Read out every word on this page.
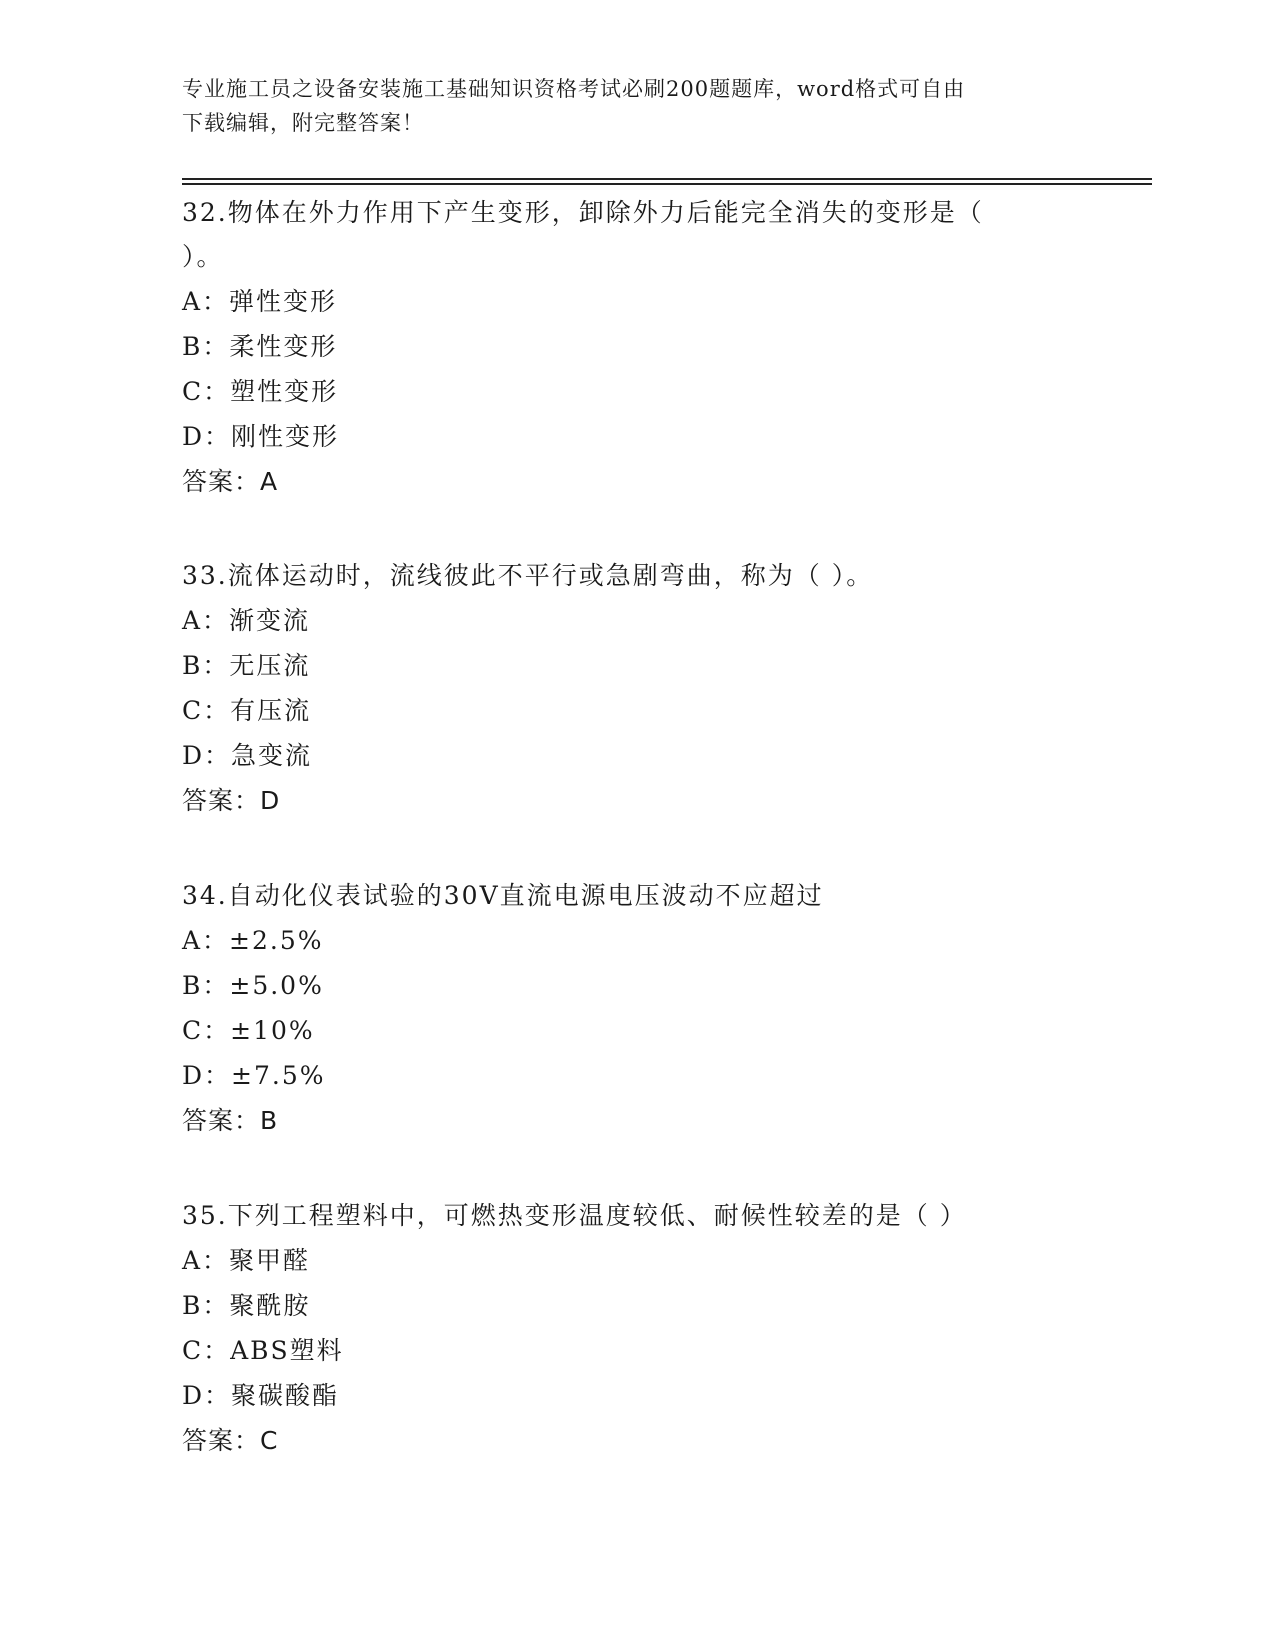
专业施工员之设备安装施工基础知识资格考试必刷200题题库，word格式可自由
下载编辑，附完整答案！

32.物体在外力作用下产生变形，卸除外力后能完全消失的变形是（

）。

A：弹性变形

B：柔性变形

C：塑性变形

D：刚性变形

答案：A

33.流体运动时，流线彼此不平行或急剧弯曲，称为（ ）。

A：渐变流

B：无压流

C：有压流

D：急变流

答案：D

34.自动化仪表试验的30V直流电源电压波动不应超过

A：±2.5%

B：±5.0%

C：±10%

D：±7.5%

答案：B

35.下列工程塑料中，可燃热变形温度较低、耐候性较差的是（ ）

A：聚甲醛

B：聚酰胺

C：ABS塑料

D：聚碳酸酯

答案：C
